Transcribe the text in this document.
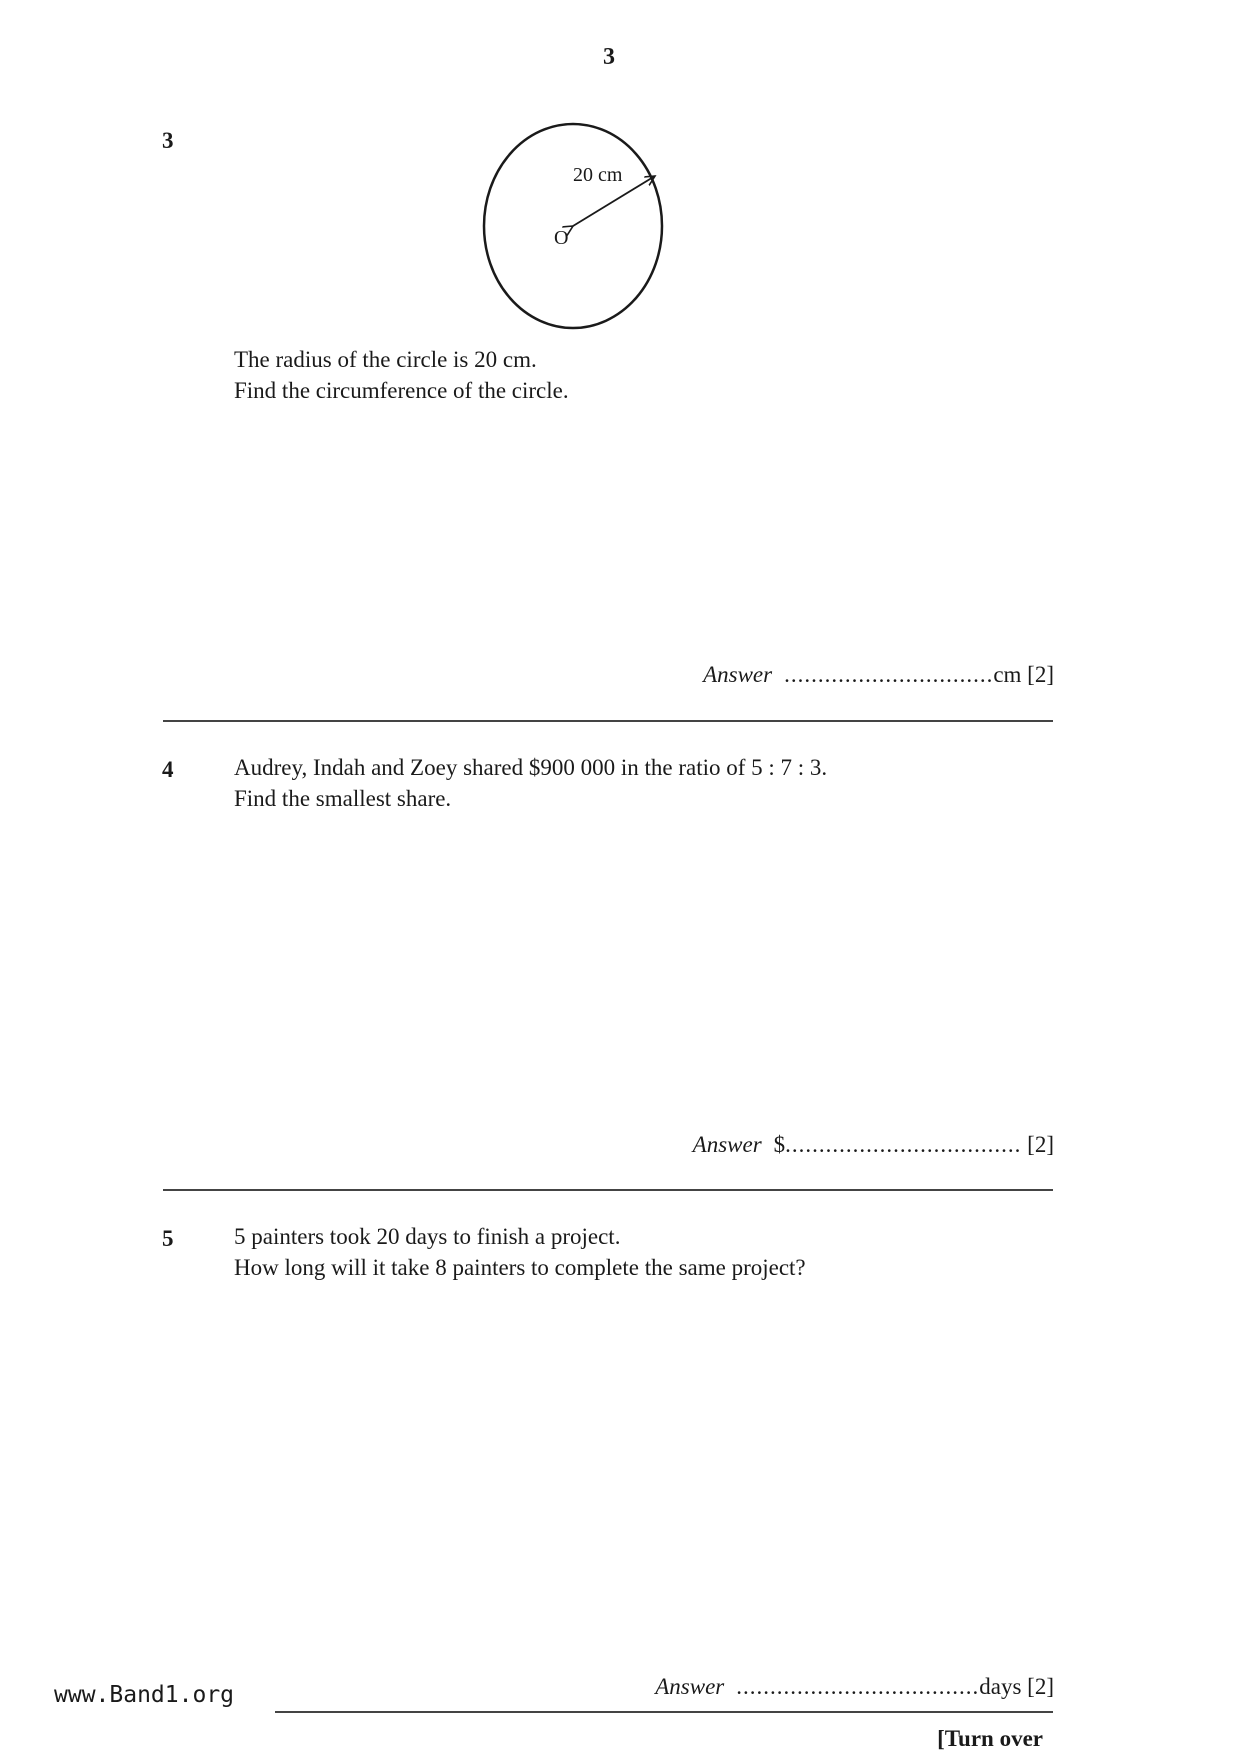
3
3
20 cm
O
The radius of the circle is 20 cm.
Find the circumference of the circle.
Answer ...............................cm [2]
4	Audrey, Indah and Zoey shared $900 000 in the ratio of 5 : 7 : 3.
Find the smallest share.
Answer $................................... [2]
5	5 painters took 20 days to finish a project.
How long will it take 8 painters to complete the same project?
Answer ....................................days [2]
www.Band1.org
[Turn over
